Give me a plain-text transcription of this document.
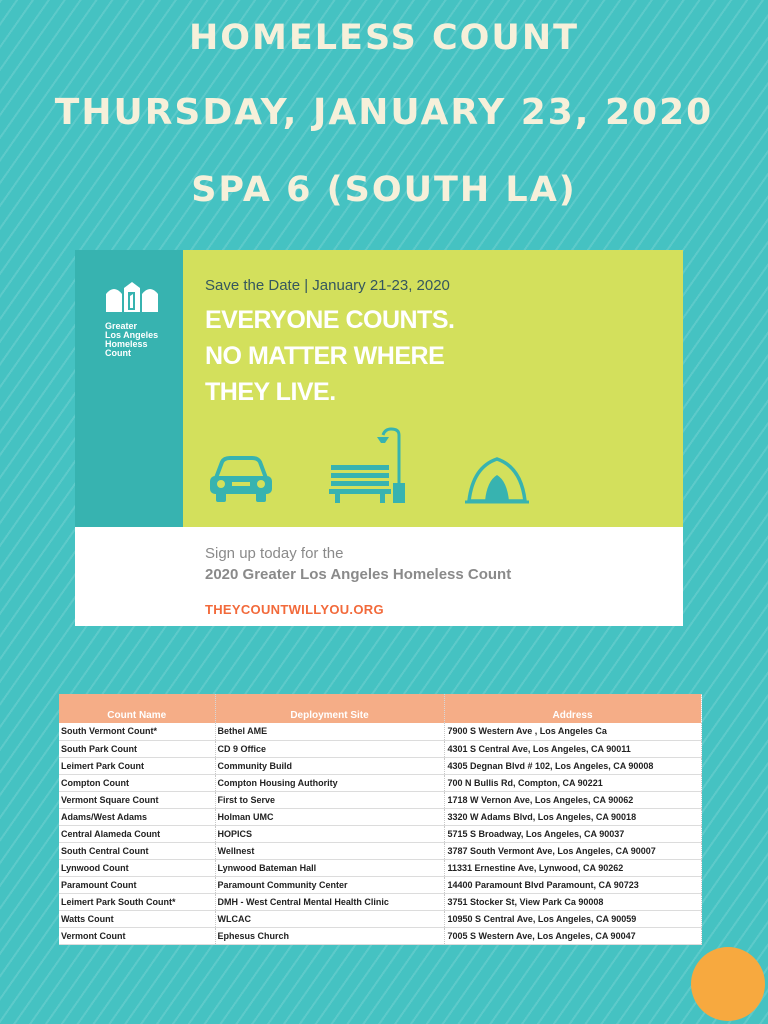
HOMELESS COUNT
THURSDAY, JANUARY 23, 2020
SPA 6 (SOUTH LA)
Greater
Los Angeles
Homeless
Count
Save the Date | January 21-23, 2020
EVERYONE COUNTS.
NO MATTER WHERE
THEY LIVE.
Sign up today for the
2020 Greater Los Angeles Homeless Count
THEYCOUNTWILLYOU.ORG
Count Name	Deployment Site	Address
South Vermont Count*	Bethel AME	7900 S Western Ave , Los Angeles Ca
South Park Count	CD 9 Office	4301 S Central Ave, Los Angeles, CA 90011
Leimert Park Count	Community Build	4305 Degnan Blvd # 102, Los Angeles, CA 90008
Compton Count	Compton Housing Authority	700 N Bullis Rd, Compton, CA 90221
Vermont Square Count	First to Serve	1718 W Vernon Ave, Los Angeles, CA 90062
Adams/West Adams	Holman UMC	3320 W Adams Blvd, Los Angeles, CA 90018
Central Alameda Count	HOPICS	5715 S Broadway, Los Angeles, CA 90037
South Central Count	Wellnest	3787 South Vermont Ave, Los Angeles, CA 90007
Lynwood Count	Lynwood Bateman Hall	11331 Ernestine Ave, Lynwood, CA 90262
Paramount Count	Paramount Community Center	14400 Paramount Blvd Paramount, CA 90723
Leimert Park South Count*	DMH - West Central Mental Health Clinic	3751 Stocker St, View Park Ca 90008
Watts Count	WLCAC	10950 S Central Ave, Los Angeles, CA 90059
Vermont Count	Ephesus Church	7005 S Western Ave, Los Angeles, CA 90047
